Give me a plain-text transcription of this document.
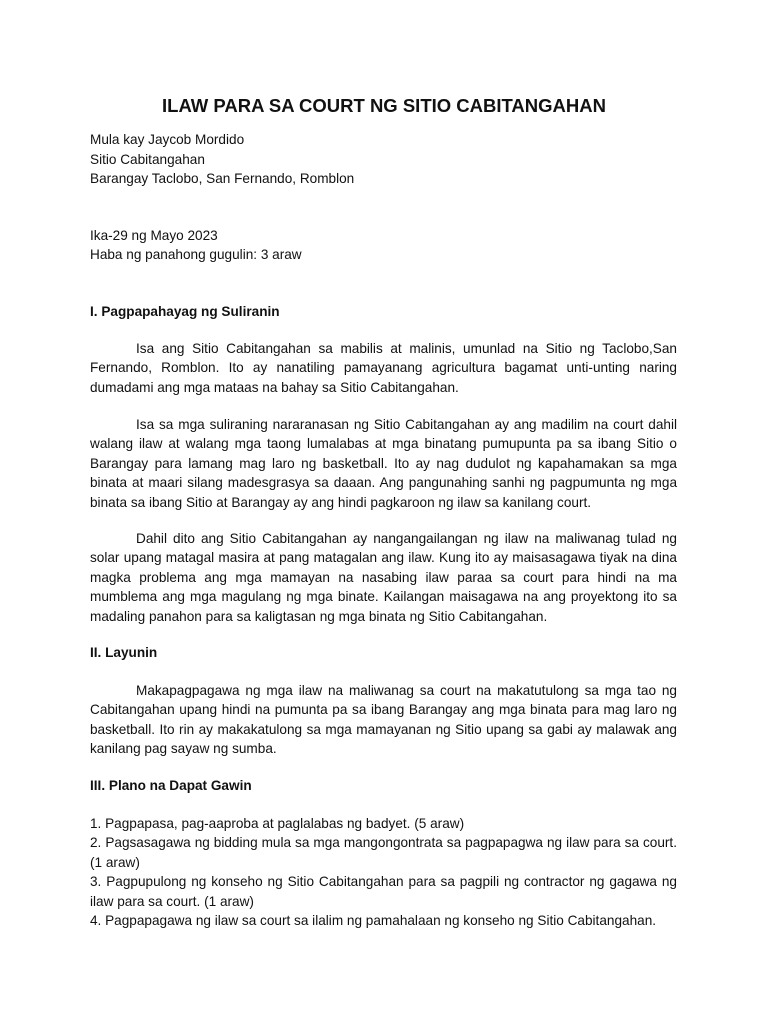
ILAW PARA SA COURT NG SITIO CABITANGAHAN

Mula kay Jaycob Mordido

Sitio Cabitangahan

Barangay Taclobo, San Fernando, Romblon

Ika-29 ng Mayo 2023

Haba ng panahong gugulin: 3 araw

I. Pagpapahayag ng Suliranin

Isa ang Sitio Cabitangahan sa mabilis at malinis, umunlad na Sitio ng Taclobo,San Fernando, Romblon. Ito ay nanatiling pamayanang agricultura bagamat unti-unting naring dumadami ang mga mataas na bahay sa Sitio Cabitangahan.

Isa sa mga suliraning nararanasan ng Sitio Cabitangahan ay ang madilim na court dahil walang ilaw at walang mga taong lumalabas at mga binatang pumupunta pa sa ibang Sitio o Barangay para lamang mag laro ng basketball. Ito ay nag dudulot ng kapahamakan sa mga binata at maari silang madesgrasya sa daaan. Ang pangunahing sanhi ng pagpumunta ng mga binata sa ibang Sitio at Barangay ay ang hindi pagkaroon ng ilaw sa kanilang court.

Dahil dito ang Sitio Cabitangahan ay nangangailangan ng ilaw na maliwanag tulad ng solar upang matagal masira at pang matagalan ang ilaw. Kung ito ay maisasagawa tiyak na dina magka problema ang mga mamayan na nasabing ilaw paraa sa court para hindi na ma mumblema ang mga magulang ng mga binate. Kailangan maisagawa na ang proyektong ito sa madaling panahon para sa kaligtasan ng mga binata ng Sitio Cabitangahan.

II. Layunin

Makapagpagawa ng mga ilaw na maliwanag sa court na makatutulong sa mga tao ng Cabitangahan upang hindi na pumunta pa sa ibang Barangay ang mga binata para mag laro ng basketball. Ito rin ay makakatulong sa mga mamayanan ng Sitio upang sa gabi ay malawak ang kanilang pag sayaw ng sumba.

III. Plano na Dapat Gawin
1. Pagpapasa, pag-aaproba at paglalabas ng badyet. (5 araw)
2. Pagsasagawa ng bidding mula sa mga mangongontrata sa pagpapagwa ng ilaw para sa court. (1 araw)
3. Pagpupulong ng konseho ng Sitio Cabitangahan para sa pagpili ng contractor ng gagawa ng ilaw para sa court. (1 araw)
4. Pagpapagawa ng ilaw sa court sa ilalim ng pamahalaan ng konseho ng Sitio Cabitangahan.
